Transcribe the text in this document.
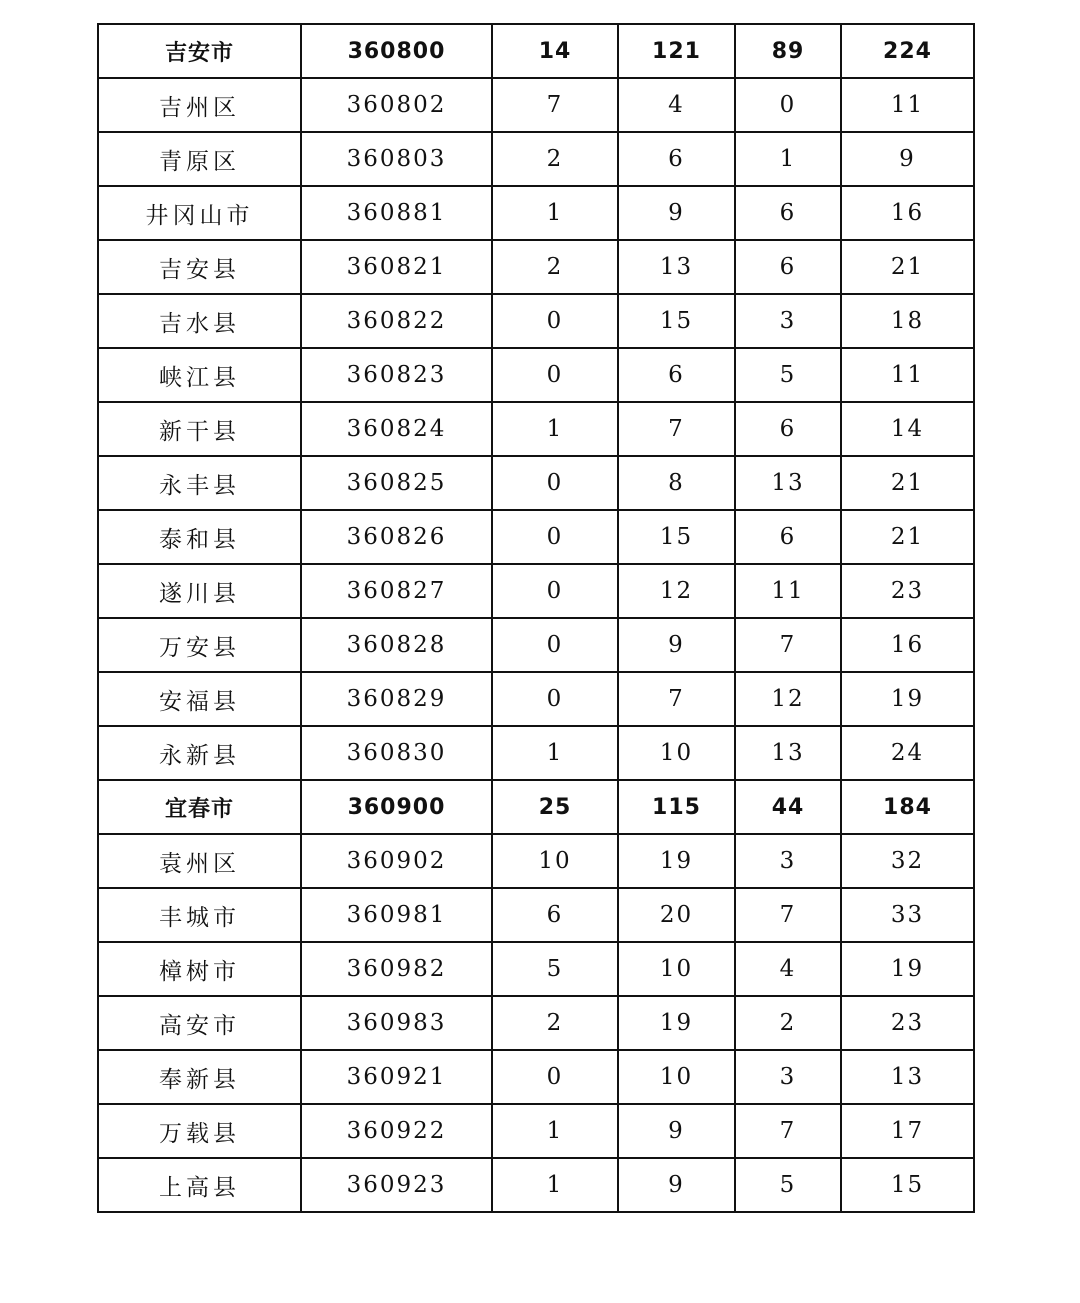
吉安市	360800	14	121	89	224
吉州区	360802	7	4	0	11
青原区	360803	2	6	1	9
井冈山市	360881	1	9	6	16
吉安县	360821	2	13	6	21
吉水县	360822	0	15	3	18
峡江县	360823	0	6	5	11
新干县	360824	1	7	6	14
永丰县	360825	0	8	13	21
泰和县	360826	0	15	6	21
遂川县	360827	0	12	11	23
万安县	360828	0	9	7	16
安福县	360829	0	7	12	19
永新县	360830	1	10	13	24
宜春市	360900	25	115	44	184
袁州区	360902	10	19	3	32
丰城市	360981	6	20	7	33
樟树市	360982	5	10	4	19
高安市	360983	2	19	2	23
奉新县	360921	0	10	3	13
万载县	360922	1	9	7	17
上高县	360923	1	9	5	15
